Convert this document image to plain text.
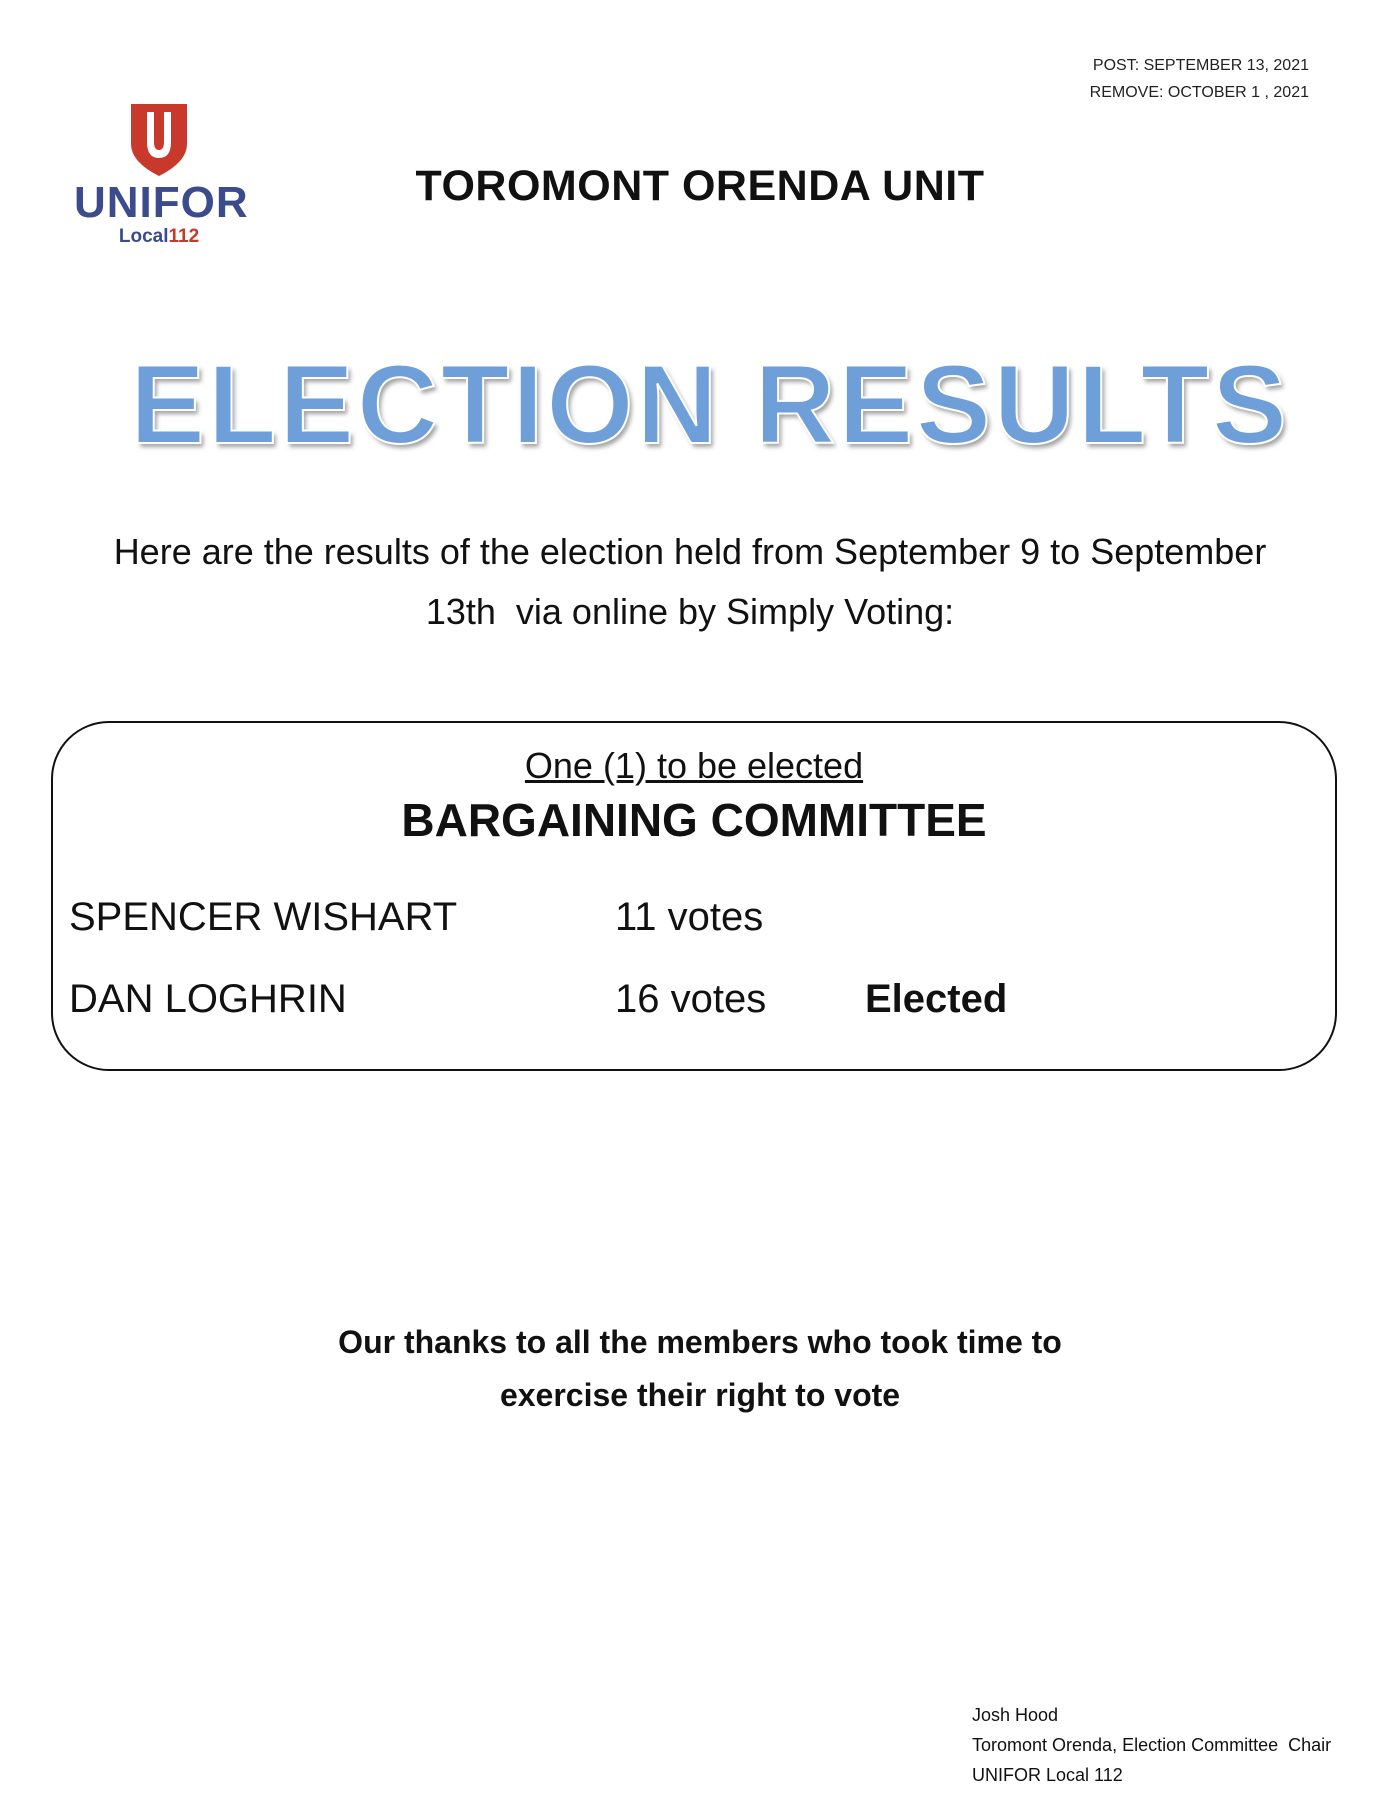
POST: SEPTEMBER 13, 2021
REMOVE: OCTOBER 1 , 2021
UNIFOR
Local112
TOROMONT ORENDA UNIT
ELECTION RESULTS
Here are the results of the election held from September 9 to September
13th  via online by Simply Voting:
One (1) to be elected
BARGAINING COMMITTEE
SPENCER WISHART	11 votes
DAN LOGHRIN	16 votes Elected
Our thanks to all the members who took time to
exercise their right to vote
Josh Hood
Toromont Orenda, Election Committee  Chair
UNIFOR Local 112
